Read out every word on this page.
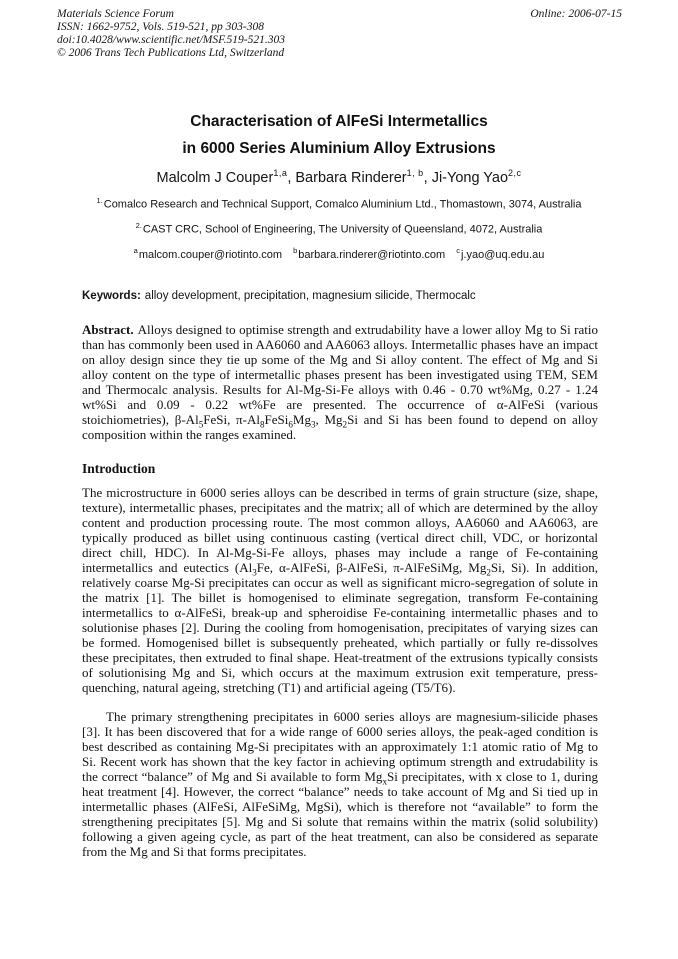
Materials Science Forum
ISSN: 1662-9752, Vols. 519-521, pp 303-308
doi:10.4028/www.scientific.net/MSF.519-521.303
© 2006 Trans Tech Publications Ltd, Switzerland
Online: 2006-07-15
Characterisation of AlFeSi Intermetallics
in 6000 Series Aluminium Alloy Extrusions
Malcolm J Couper$^{1,a}$, Barbara Rinderer$^{1, b}$, Ji-Yong Yao$^{2,c}$
$^{1.}$Comalco Research and Technical Support, Comalco Aluminium Ltd., Thomastown, 3074, Australia
$^{2.}$CAST CRC, School of Engineering, The University of Queensland, 4072, Australia
$^a$malcom.couper@riotinto.com $^b$barbara.rinderer@riotinto.com $^c$j.yao@uq.edu.au
Keywords: alloy development, precipitation, magnesium silicide, Thermocalc

Abstract. Alloys designed to optimise strength and extrudability have a lower alloy Mg to Si ratio than has commonly been used in AA6060 and AA6063 alloys. Intermetallic phases have an impact on alloy design since they tie up some of the Mg and Si alloy content. The effect of Mg and Si alloy content on the type of intermetallic phases present has been investigated using TEM, SEM and Thermocalc analysis. Results for Al-Mg-Si-Fe alloys with 0.46 - 0.70 wt%Mg, 0.27 - 1.24 wt%Si and 0.09 - 0.22 wt%Fe are presented. The occurrence of α-AlFeSi (various stoichiometries), $\beta-Al_5FeSi$, $\pi-Al_8FeSi_6Mg_3$, $Mg_2Si$ and Si has been found to depend on alloy composition within the ranges examined.

Introduction

The microstructure in 6000 series alloys can be described in terms of grain structure (size, shape, texture), intermetallic phases, precipitates and the matrix; all of which are determined by the alloy content and production processing route. The most common alloys, AA6060 and AA6063, are typically produced as billet using continuous casting (vertical direct chill, VDC, or horizontal direct chill, HDC). In Al-Mg-Si-Fe alloys, phases may include a range of Fe-containing intermetallics and eutectics ($Al_3Fe$, α-AlFeSi, β-AlFeSi, π-AlFeSiMg, $Mg_2Si$, Si). In addition, relatively coarse Mg-Si precipitates can occur as well as significant micro-segregation of solute in the matrix [1]. The billet is homogenised to eliminate segregation, transform Fe-containing intermetallics to α-AlFeSi, break-up and spheroidise Fe-containing intermetallic phases and to solutionise phases [2]. During the cooling from homogenisation, precipitates of varying sizes can be formed. Homogenised billet is subsequently preheated, which partially or fully re-dissolves these precipitates, then extruded to final shape. Heat-treatment of the extrusions typically consists of solutionising Mg and Si, which occurs at the maximum extrusion exit temperature, press-quenching, natural ageing, stretching (T1) and artificial ageing (T5/T6).

The primary strengthening precipitates in 6000 series alloys are magnesium-silicide phases [3]. It has been discovered that for a wide range of 6000 series alloys, the peak-aged condition is best described as containing Mg-Si precipitates with an approximately 1:1 atomic ratio of Mg to Si. Recent work has shown that the key factor in achieving optimum strength and extrudability is the correct “balance” of Mg and Si available to form $Mg_xSi$ precipitates, with x close to 1, during heat treatment [4]. However, the correct “balance” needs to take account of Mg and Si tied up in intermetallic phases (AlFeSi, AlFeSiMg, MgSi), which is therefore not “available” to form the strengthening precipitates [5]. Mg and Si solute that remains within the matrix (solid solubility) following a given ageing cycle, as part of the heat treatment, can also be considered as separate from the Mg and Si that forms precipitates.
